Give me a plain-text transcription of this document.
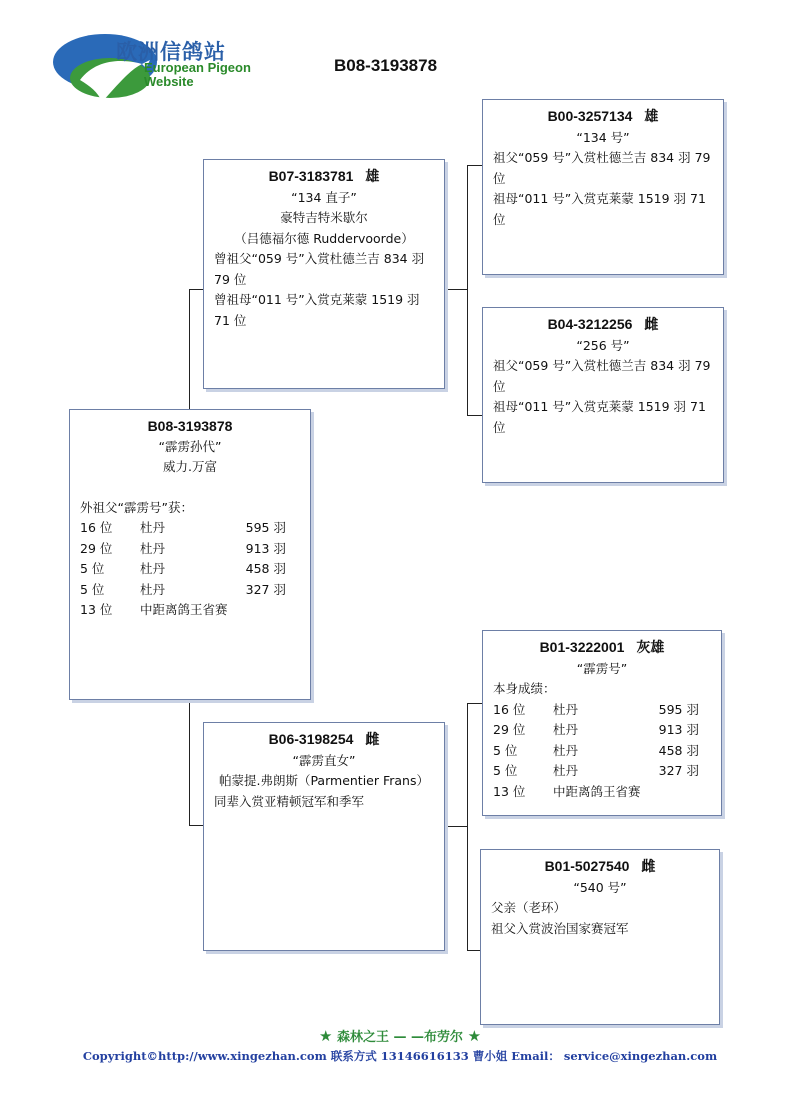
欧洲信鸽站
European Pigeon
Website
B08-3193878
B08-3193878
“霹雳孙代”
威力.万富
外祖父“霹雳号”获：
16 位	杜丹	595 羽
29 位	杜丹	913 羽
5 位	杜丹	458 羽
5 位	杜丹	327 羽
13 位	中距离鸽王省赛
B07-3183781 雄
“134 直子”
豪特吉特米歇尔
（吕德福尔德 Ruddervoorde）
曾祖父“059 号”入赏杜德兰吉 834 羽 79 位
曾祖母“011 号”入赏克莱蒙 1519 羽 71 位
B00-3257134 雄
“134 号”
祖父“059 号”入赏杜德兰吉 834 羽 79 位
祖母“011 号”入赏克莱蒙 1519 羽 71 位
B04-3212256 雌
“256 号”
祖父“059 号”入赏杜德兰吉 834 羽 79 位
祖母“011 号”入赏克莱蒙 1519 羽 71 位
B06-3198254 雌
“霹雳直女”
帕蒙提.弗朗斯（Parmentier Frans）
同辈入赏亚精顿冠军和季军
B01-3222001 灰雄
“霹雳号”
本身成绩：
16 位	杜丹	595 羽
29 位	杜丹	913 羽
5 位	杜丹	458 羽
5 位	杜丹	327 羽
13 位	中距离鸽王省赛
B01-5027540 雌
“540 号”
父亲（老环）
祖父入赏波治国家赛冠军
★ 森林之王 — —布劳尔 ★
Copyright©http://www.xingezhan.com 联系方式 13146616133 曹小姐 Email： service@xingezhan.com
